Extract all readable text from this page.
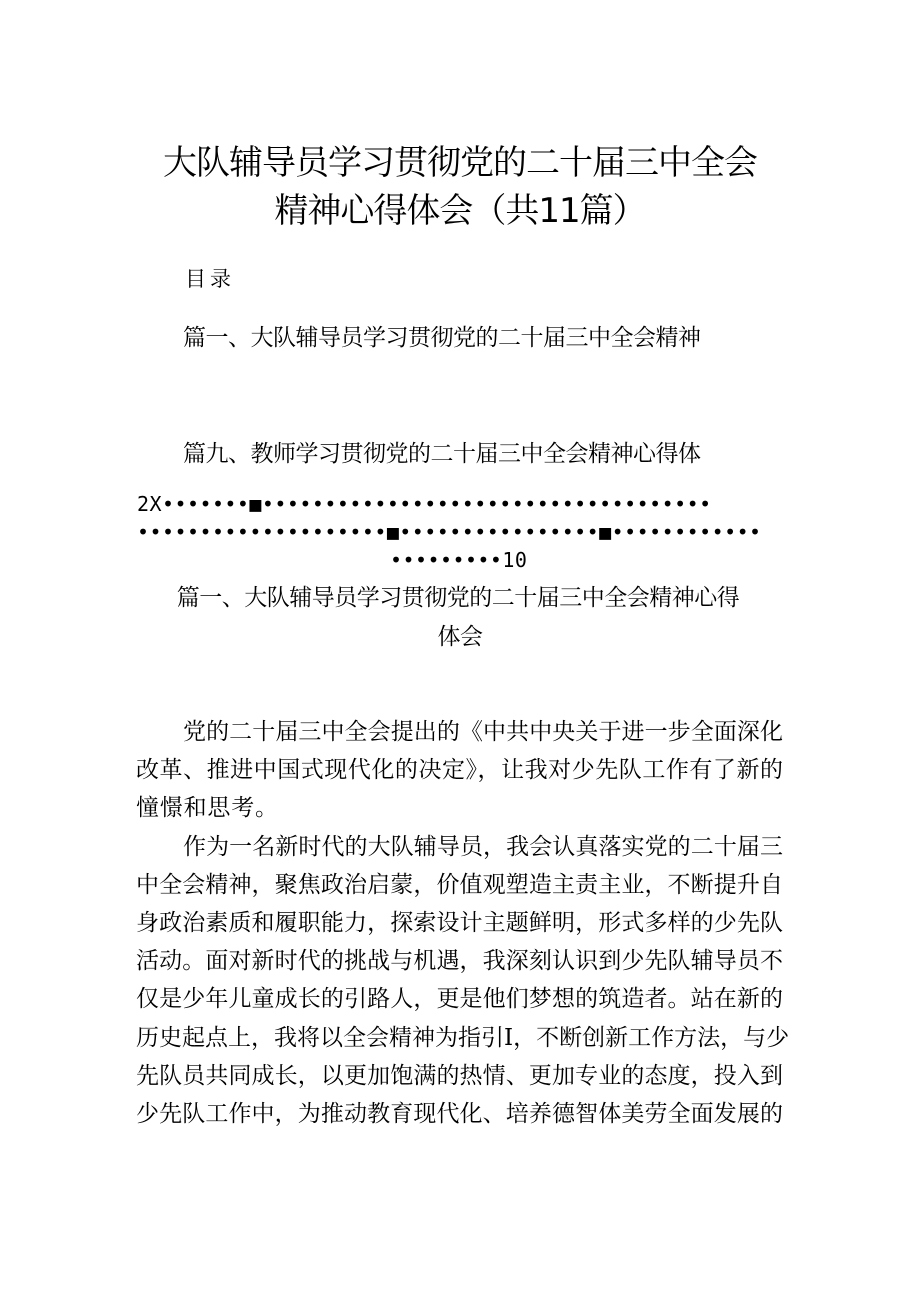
大队辅导员学习贯彻党的二十届三中全会
精神心得体会（共11篇）
目录
篇一、大队辅导员学习贯彻党的二十届三中全会精神
篇九、教师学习贯彻党的二十届三中全会精神心得体
2X•••••••■••••••••••••••••••••••••••••••••••••
••••••••••••••••••••■••••••••••••••••■••••••••••••
•••••••••10
篇一、大队辅导员学习贯彻党的二十届三中全会精神心得
体会
党的二十届三中全会提出的《中共中央关于进一步全面深化
改革、推进中国式现代化的决定》，让我对少先队工作有了新的
憧憬和思考。
作为一名新时代的大队辅导员，我会认真落实党的二十届三
中全会精神，聚焦政治启蒙，价值观塑造主责主业，不断提升自
身政治素质和履职能力，探索设计主题鲜明，形式多样的少先队
活动。面对新时代的挑战与机遇，我深刻认识到少先队辅导员不
仅是少年儿童成长的引路人，更是他们梦想的筑造者。站在新的
历史起点上，我将以全会精神为指引I，不断创新工作方法，与少
先队员共同成长，以更加饱满的热情、更加专业的态度，投入到
少先队工作中，为推动教育现代化、培养德智体美劳全面发展的
